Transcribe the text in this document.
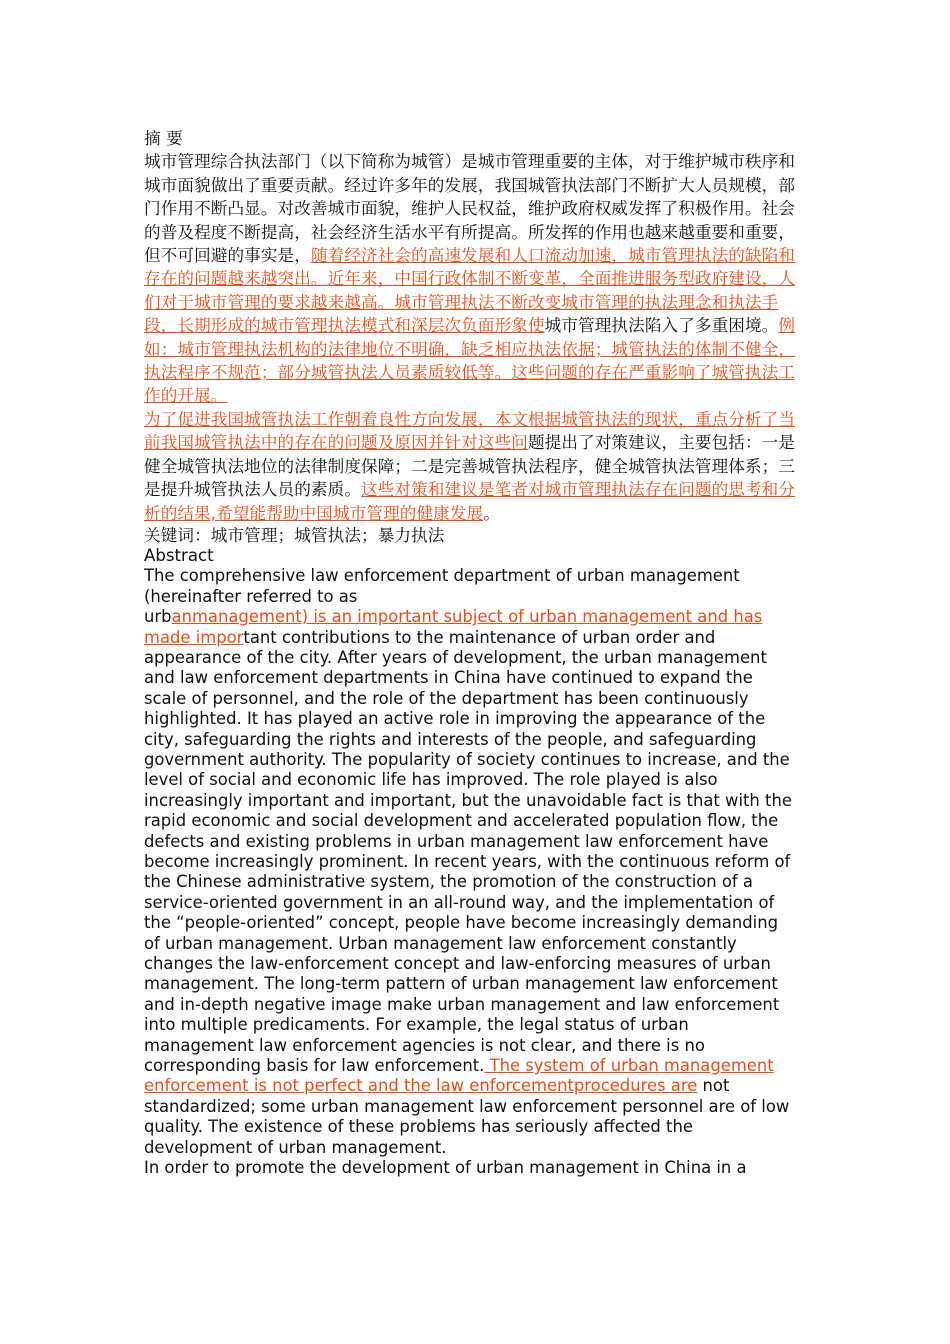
摘 要

城市管理综合执法部门（以下简称为城管）是城市管理重要的主体，对于维护城市秩序和城市面貌做出了重要贡献。经过许多年的发展，我国城管执法部门不断扩大人员规模，部门作用不断凸显。对改善城市面貌，维护人民权益，维护政府权威发挥了积极作用。社会的普及程度不断提高，社会经济生活水平有所提高。所发挥的作用也越来越重要和重要，但不可回避的事实是，随着经济社会的高速发展和人口流动加速，城市管理执法的缺陷和存在的问题越来越突出。近年来，中国行政体制不断变革，全面推进服务型政府建设，人们对于城市管理的要求越来越高。城市管理执法不断改变城市管理的执法理念和执法手段，长期形成的城市管理执法模式和深层次负面形象使城市管理执法陷入了多重困境。例如：城市管理执法机构的法律地位不明确，缺乏相应执法依据；城管执法的体制不健全，执法程序不规范；部分城管执法人员素质较低等。这些问题的存在严重影响了城管执法工作的开展。

为了促进我国城管执法工作朝着良性方向发展，本文根据城管执法的现状，重点分析了当前我国城管执法中的存在的问题及原因并针对这些问题提出了对策建议，主要包括：一是健全城管执法地位的法律制度保障；二是完善城管执法程序，健全城管执法管理体系；三是提升城管执法人员的素质。这些对策和建议是笔者对城市管理执法存在问题的思考和分析的结果,希望能帮助中国城市管理的健康发展。

关键词：城市管理；城管执法；暴力执法

Abstract

The comprehensive law enforcement department of urban management (hereinafter referred to as

urbanmanagement) is an important subject of urban management and has made important contributions to the maintenance of urban order and appearance of the city. After years of development, the urban management and law enforcement departments in China have continued to expand the scale of personnel, and the role of the department has been continuously highlighted. It has played an active role in improving the appearance of the city, safeguarding the rights and interests of the people, and safeguarding government authority. The popularity of society continues to increase, and the level of social and economic life has improved. The role played is also increasingly important and important, but the unavoidable fact is that with the rapid economic and social development and accelerated population flow, the defects and existing problems in urban management law enforcement have become increasingly prominent. In recent years, with the continuous reform of the Chinese administrative system, the promotion of the construction of a service-oriented government in an all-round way, and the implementation of the “people-oriented” concept, people have become increasingly demanding of urban management. Urban management law enforcement constantly changes the law-enforcement concept and law-enforcing measures of urban management. The long-term pattern of urban management law enforcement and in-depth negative image make urban management and law enforcement into multiple predicaments. For example, the legal status of urban management law enforcement agencies is not clear, and there is no corresponding basis for law enforcement. The system of urban management enforcement is not perfect and the law enforcementprocedures are not standardized; some urban management law enforcement personnel are of low quality. The existence of these problems has seriously affected the development of urban management.

In order to promote the development of urban management in China in a
